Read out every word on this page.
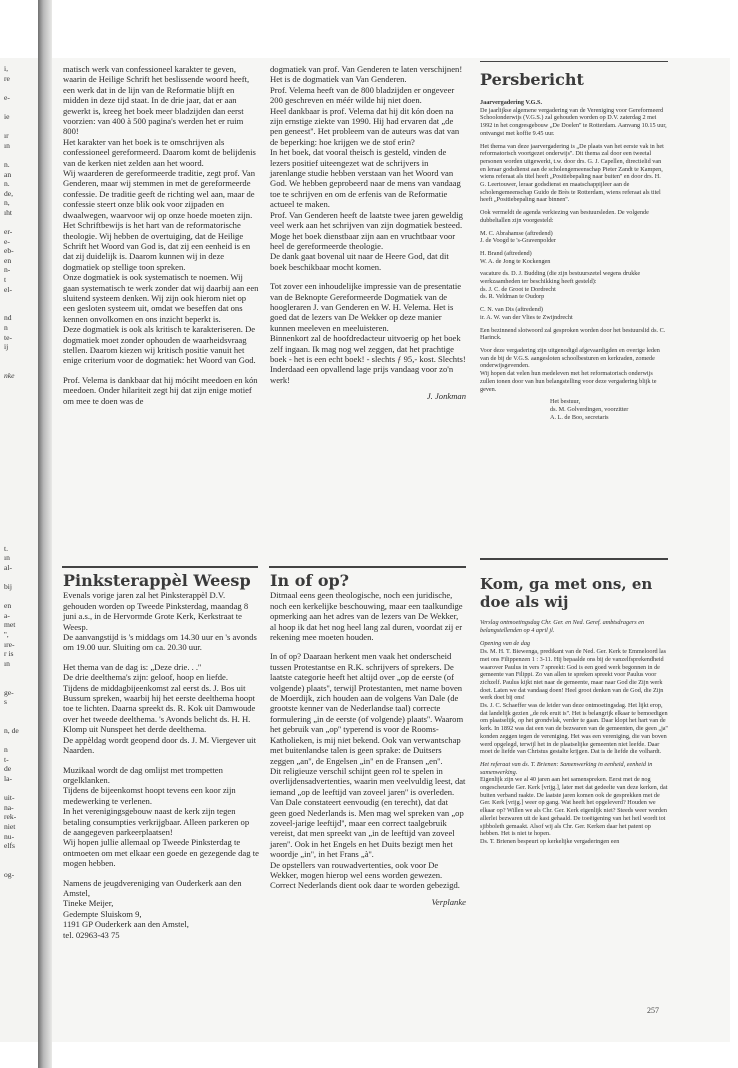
i,
re
e-
ie
ır
ın
n.
an
n.
de,
n,
ıht
er-
e-
eb-
en
n-
t
el-
nd
n
te-
ij
nke
t.
ın
al-
bij
en
a-
met
'',
ıre-
r is
ın
ge-
s
n, de
n
t-
de
la-
uit-
na-
rek-
niet
nu-
elfs
og-

matisch werk van confessioneel karakter te geven, waarin de Heilige Schrift het beslissende woord heeft, een werk dat in de lijn van de Reformatie blijft en midden in deze tijd staat. In de drie jaar, dat er aan gewerkt is, kreeg het boek meer bladzijden dan eerst voorzien: van 400 à 500 pagina's werden het er ruim 800!
Het karakter van het boek is te omschrijven als confessioneel gereformeerd. Daarom komt de belijdenis van de kerken niet zelden aan het woord.
Wij waarderen de gereformeerde traditie, zegt prof. Van Genderen, maar wij stemmen in met de gereformeerde confessie. De traditie geeft de richting wel aan, maar de confessie steert onze blik ook voor zijpaden en dwaalwegen, waarvoor wij op onze hoede moeten zijn.
Het Schriftbewijs is het hart van de reformatorische theologie. Wij hebben de overtuiging, dat de Heilige Schrift het Woord van God is, dat zij een eenheid is en dat zij duidelijk is. Daarom kunnen wij in deze dogmatiek op stellige toon spreken.
Onze dogmatiek is ook systematisch te noemen. Wij gaan systematisch te werk zonder dat wij daarbij aan een sluitend systeem denken. Wij zijn ook hierom niet op een gesloten systeem uit, omdat we beseffen dat ons kennen onvolkomen en ons inzicht beperkt is.
Deze dogmatiek is ook als kritisch te karakteriseren. De dogmatiek moet zonder ophouden de waarheidsvraag stellen. Daarom kiezen wij kritisch positie vanuit het enige criterium voor de dogmatiek: het Woord van God.

Prof. Velema is dankbaar dat hij móciht meedoen en kón meedoen. Onder hilariteit zegt hij dat zijn enige motief om mee te doen was de

dogmatiek van prof. Van Genderen te laten verschijnen! Het is de dogmatiek van Van Genderen.
Prof. Velema heeft van de 800 bladzijden er ongeveer 200 geschreven en méér wilde hij niet doen.
Heel dankbaar is prof. Velema dat hij dit kón doen na zijn ernstige ziekte van 1990. Hij had ervaren dat „de pen geneest''. Het probleem van de auteurs was dat van de beperking: hoe krijgen we de stof erin?
In het boek, dat vooral theisch is gesteld, vinden de lezers positief uiteengezet wat de schrijvers in jarenlange studie hebben verstaan van het Woord van God. We hebben geprobeerd naar de mens van vandaag toe te schrijven en om de erfenis van de Reformatie actueel te maken.
Prof. Van Genderen heeft de laatste twee jaren geweldig veel werk aan het schrijven van zijn dogmatiek besteed. Moge het boek dienstbaar zijn aan en vruchtbaar voor heel de gereformeerde theologie.
De dank gaat bovenal uit naar de Heere God, dat dit boek beschikbaar mocht komen.

Tot zover een inhoudelijke impressie van de presentatie van de Beknopte Gereformeerde Dogmatiek van de hoogleraren J. van Genderen en W. H. Velema. Het is goed dat de lezers van De Wekker op deze manier kunnen meeleven en meeluisteren.
Binnenkort zal de hoofdredacteur uitvoerig op het boek zelf ingaan. Ik mag nog wel zeggen, dat het prachtige boek - het is een echt boek! - slechts ƒ 95,- kost. Slechts! Inderdaad een opvallend lage prijs vandaag voor zo'n werk!

J. Jonkman

Pinksterappèl Weesp

Evenals vorige jaren zal het Pinksterappèl D.V. gehouden worden op Tweede Pinksterdag, maandag 8 juni a.s., in de Hervormde Grote Kerk, Kerkstraat te Weesp.
De aanvangstijd is 's middags om 14.30 uur en 's avonds om 19.00 uur. Sluiting om ca. 20.30 uur.

Het thema van de dag is: „Deze drie. . .''
De drie deelthema's zijn: geloof, hoop en liefde.
Tijdens de middagbijeenkomst zal eerst ds. J. Bos uit Bussum spreken, waarbij hij het eerste deelthema hoopt toe te lichten. Daarna spreekt ds. R. Kok uit Damwoude over het tweede deelthema. 's Avonds belicht ds. H. H. Klomp uit Nunspeet het derde deelthema.
De appèldag wordt geopend door ds. J. M. Viergever uit Naarden.

Muzikaal wordt de dag omlijst met trompetten orgelklanken.
Tijdens de bijeenkomst hoopt tevens een koor zijn medewerking te verlenen.
In het verenigingsgebouw naast de kerk zijn tegen betaling consumpties verkrijgbaar. Alleen parkeren op de aangegeven parkeerplaatsen!
Wij hopen jullie allemaal op Tweede Pinksterdag te ontmoeten om met elkaar een goede en gezegende dag te mogen hebben.

Namens de jeugdvereniging van Ouderkerk aan den Amstel,
Tineke Meijer,
Gedempte Sluiskom 9,
1191 GP Ouderkerk aan den Amstel,
tel. 02963-43 75

In of op?

Ditmaal eens geen theologische, noch een juridische, noch een kerkelijke beschouwing, maar een taalkundige opmerking aan het adres van de lezers van De Wekker, al hoop ik dat het nog heel lang zal duren, voordat zij er rekening mee moeten houden.

In of op? Daaraan herkent men vaak het onderscheid tussen Protestantse en R.K. schrijvers of sprekers. De laatste categorie heeft het altijd over „op de eerste (of volgende) plaats'', terwijl Protestanten, met name boven de Moerdijk, zich houden aan de volgens Van Dale (de grootste kenner van de Nederlandse taal) correcte formulering „in de eerste (of volgende) plaats''. Waarom het gebruik van „op'' typerend is voor de Rooms-Katholieken, is mij niet bekend. Ook van verwantschap met buitenlandse talen is geen sprake: de Duitsers zeggen „an'', de Engelsen „in'' en de Fransen „en''.
Dit religieuze verschil schijnt geen rol te spelen in overlijdensadvertenties, waarin men veelvuldig leest, dat iemand „op de leeftijd van zoveel jaren'' is overleden. Van Dale constateert eenvoudig (en terecht), dat dat geen goed Nederlands is. Men mag wel spreken van „op zoveel-jarige leeftijd'', maar een correct taalgebruik vereist, dat men spreekt van „in de leeftijd van zoveel jaren''. Ook in het Engels en het Duits bezigt men het woordje „in'', in het Frans „à''.
De opstellers van rouwadvertenties, ook voor De Wekker, mogen hierop wel eens worden gewezen. Correct Nederlands dient ook daar te worden gebezigd.

Verplanke

Persbericht

Jaarvergadering V.G.S.

De jaarlijkse algemene vergadering van de Vereniging voor Gereformeerd Schoolonderwijs (V.G.S.) zal gehouden worden op D.V. zaterdag 2 mei 1992 in het congresgebouw „De Doelen'' te Rotterdam. Aanvang 10.15 uur, ontvangst met koffie 9.45 uur.

Het thema van deze jaarvergadering is „De plaats van het eerste vak in het reformatorisch voortgezet onderwijs''. Dit thema zal door een tweetal personen worden uitgewerkt, t.w. door drs. G. J. Capellen, directielid van en leraar godsdienst aan de scholengemeenschap Pieter Zandt te Kampen, wiens referaat als titel heeft „Positiebepaling naar buiten'' en door drs. H. G. Leertouwer, leraar godsdienst en maatschappijleer aan de scholengemeenschap Guido de Brès te Rotterdam, wiens referaat als titel heeft „Positiebepaling naar binnen''.

Ook vermeldt de agenda verkiezing van bestuursleden. De volgende dubbeltallen zijn voorgesteld:

M. C. Abrahamse (aftredend)
J. de Voogd te 's-Gravenpolder

H. Brand (aftredend)
W. A. de Jong te Kockengen

vacature ds. D. J. Budding (die zijn bestuurszetel wegens drukke werkzaamheden ter beschikking heeft gesteld):
ds. J. C. de Groot te Dordrecht
ds. R. Veldman te Oudorp

C. N. van Dis (aftredend)
ir. A. W. van der Vlies te Zwijndrecht

Een bezinnend slotwoord zal gesproken worden door het bestuurslid ds. C. Harinck.

Voor deze vergadering zijn uitgenodigd afgevaardigden en overige leden van de bij de V.G.S. aangesloten schoolbesturen en kerkraden, zomede onderwijsgevenden.
Wij hopen dat velen hun medeleven met het reformatorisch onderwijs zullen tonen door van hun belangstelling voor deze vergadering blijk te geven.

Het bestuur,
ds. M. Golverdingen, voorzitter
A. L. de Boo, secretaris

Kom, ga met ons, en doe als wij

Verslag ontmoetingsdag Chr. Ger. en Ned. Geref. ambtsdragers en belangstellenden op 4 april jl.

Opening van de dag

Ds. M. H. T. Biewenga, predikant van de Ned. Ger. Kerk te Emmeloord las met ons Filippenzen 1 : 3-11. Hij bepaalde ons bij de vanzelfsprekendheid waarover Paulus in vers 7 spreekt: God is een goed werk begonnen in de gemeente van Filippi. Zo van allen te spreken spreekt voor Paulus voor zichzelf. Paulus kijkt niet naar de gemeente, maar naar God die Zijn werk doet. Laten we dat vandaag doen! Heel groot denken van de God, die Zijn werk doet bij ons!
Ds. J. C. Schaeffer was de leider van deze ontmoetingsdag. Het lijkt erop, dat landelijk gezien „de rek eruit is''. Het is belangrijk elkaar te bemoedigen om plaatselijk, op het grondvlak, verder te gaan. Daar klopt het hart van de kerk. In 1892 was dat een van de bezwaren van de gemeenten, die geen „ja'' konden zeggen tegen de vereniging. Het was een vereniging, die van boven werd opgelegd, terwijl het in de plaatselijke gemeenten niet leefde. Daar moet de liefde van Christus gestalte krijgen. Dat is de liefde die volhardt.

Het referaat van ds. T. Brienen: Samenwerking in eenheid, eenheid in samenwerking.

Eigenlijk zijn we al 40 jaren aan het samenspreken. Eerst met de nog ongescheurde Ger. Kerk [vrijg.], later met dat gedeelte van deze kerken, dat buiten verband raakte. De laatste jaren komen ook de gesprekken met de Ger. Kerk [vrijg.] weer op gang. Wat heeft het opgeleverd? Houden we elkaar op? Willen we als Chr. Ger. Kerk eigenlijk niet? Steeds weer worden allerlei bezwaren uit de kast gehaald. De toeëigening van het heil wordt tot sjibboleth gemaakt. Alsof wij als Chr. Ger. Kerken daar het patent op hebben. Het is niet te hopen.
Ds. T. Brienen bespeurt op kerkelijke vergaderingen een

257
